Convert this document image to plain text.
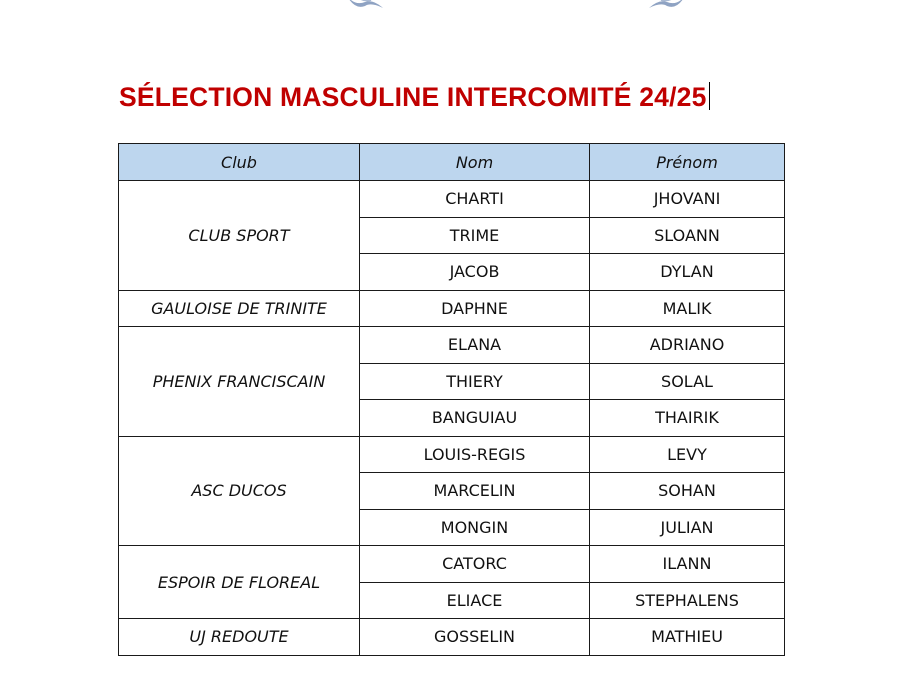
SÉLECTION MASCULINE INTERCOMITÉ 24/25
Club	Nom	Prénom
CLUB SPORT	CHARTI	JHOVANI
	TRIME	SLOANN
	JACOB	DYLAN
GAULOISE DE TRINITE	DAPHNE	MALIK
PHENIX FRANCISCAIN	ELANA	ADRIANO
	THIERY	SOLAL
	BANGUIAU	THAIRIK
ASC DUCOS	LOUIS-REGIS	LEVY
	MARCELIN	SOHAN
	MONGIN	JULIAN
ESPOIR DE FLOREAL	CATORC	ILANN
	ELIACE	STEPHALENS
UJ REDOUTE	GOSSELIN	MATHIEU
